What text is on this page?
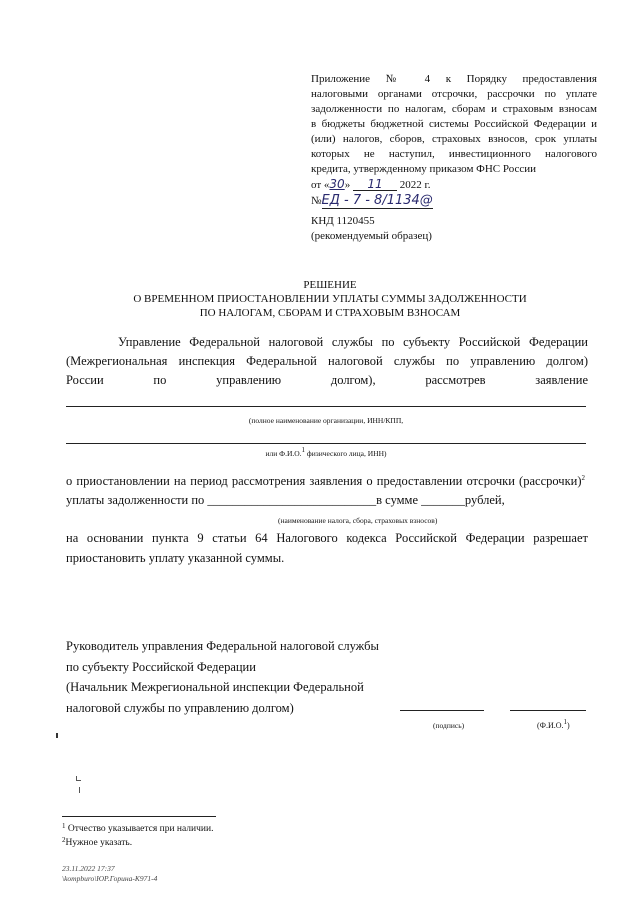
Приложение № 4 к Порядку предоставления
налоговыми органами отсрочки, рассрочки по уплате
задолженности по налогам, сборам и страховым взносам
в бюджеты бюджетной системы Российской Федерации и
(или) налогов, сборов, страховых взносов, срок уплаты
которых не наступил, инвестиционного налогового
кредита, утвержденному приказом ФНС России
от «30» 11 2022 г.
№ЕД - 7 - 8/1134@
КНД 1120455
(рекомендуемый образец)
РЕШЕНИЕ
О ВРЕМЕННОМ ПРИОСТАНОВЛЕНИИ УПЛАТЫ СУММЫ ЗАДОЛЖЕННОСТИ
ПО НАЛОГАМ, СБОРАМ И СТРАХОВЫМ ВЗНОСАМ
Управление Федеральной налоговой службы по субъекту Российской Федерации
(Межрегиональная инспекция Федеральной налоговой службы по управлению долгом)
России по управлению долгом), рассмотрев заявление
(полное наименование организации, ИНН/КПП,
или Ф.И.О.$^1$ физического лица, ИНН)
о приостановлении на период рассмотрения заявления о предоставлении отсрочки (рассрочки)$^2$
уплаты задолженности по ___________________________в сумме _______рублей,
(наименование налога, сбора, страховых взносов)
на основании пункта 9 статьи 64 Налогового кодекса Российской Федерации разрешает
приостановить уплату указанной суммы.
Руководитель управления Федеральной налоговой службы
по субъекту Российской Федерации
(Начальник Межрегиональной инспекции Федеральной
налоговой службы по управлению долгом)
(подпись)	(Ф.И.О.$^1$)
$^1$ Отчество указывается при наличии.
$^2$Нужное указать.
23.11.2022 17:37
\kompburo\ЮР.Горина-K971-4
